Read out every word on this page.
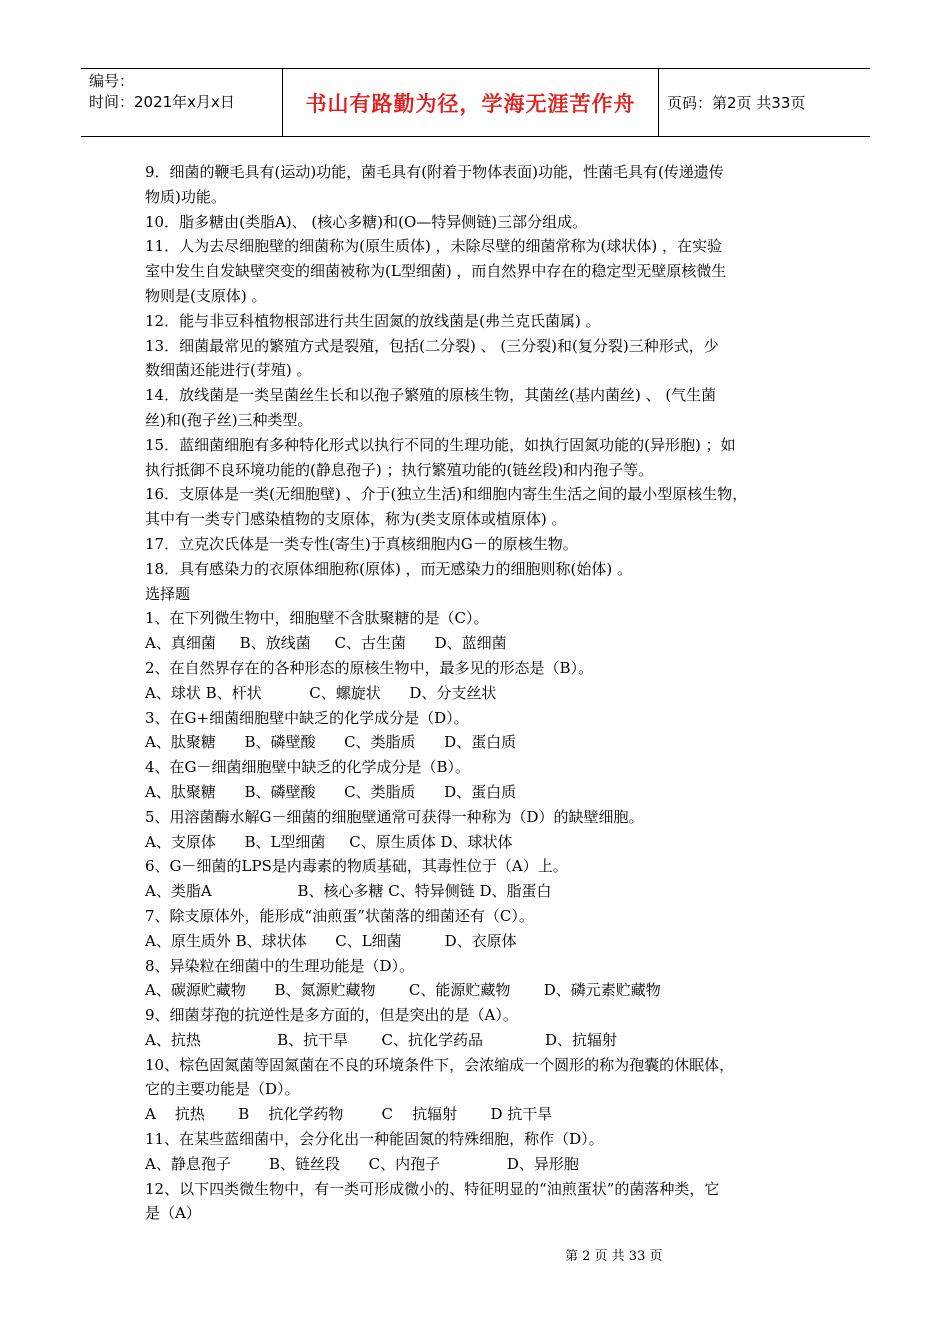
编号：
时间：2021年x月x日	书山有路勤为径，学海无涯苦作舟	页码：第2页 共33页
9．细菌的鞭毛具有(运动)功能，菌毛具有(附着于物体表面)功能，性菌毛具有(传递遗传
物质)功能。
10．脂多糖由(类脂A)、 (核心多糖)和(O—特异侧链)三部分组成。
11．人为去尽细胞壁的细菌称为(原生质体) ，未除尽壁的细菌常称为(球状体) ，在实验
室中发生自发缺壁突变的细菌被称为(L型细菌) ，而自然界中存在的稳定型无壁原核微生
物则是(支原体) 。
12．能与非豆科植物根部进行共生固氮的放线菌是(弗兰克氏菌属) 。
13．细菌最常见的繁殖方式是裂殖，包括(二分裂) 、 (三分裂)和(复分裂)三种形式，少
数细菌还能进行(芽殖) 。
14．放线菌是一类呈菌丝生长和以孢子繁殖的原核生物，其菌丝(基内菌丝) 、 (气生菌
丝)和(孢子丝)三种类型。
15．蓝细菌细胞有多种特化形式以执行不同的生理功能，如执行固氮功能的(异形胞) ；如
执行抵御不良环境功能的(静息孢子) ；执行繁殖功能的(链丝段)和内孢子等。
16．支原体是一类(无细胞壁) 、介于(独立生活)和细胞内寄生生活之间的最小型原核生物，
其中有一类专门感染植物的支原体，称为(类支原体或植原体) 。
17．立克次氏体是一类专性(寄生)于真核细胞内G－的原核生物。
18．具有感染力的衣原体细胞称(原体) ，而无感染力的细胞则称(始体) 。
选择题
1、在下列微生物中，细胞壁不含肽聚糖的是（C）。
A、真细菌     B、放线菌     C、古生菌      D、蓝细菌
2、在自然界存在的各种形态的原核生物中，最多见的形态是（B）。
A、球状 B、杆状          C、螺旋状      D、分支丝状
3、在G+细菌细胞壁中缺乏的化学成分是（D）。
A、肽聚糖      B、磷壁酸      C、类脂质      D、蛋白质
4、在G－细菌细胞壁中缺乏的化学成分是（B）。
A、肽聚糖      B、磷壁酸      C、类脂质      D、蛋白质
5、用溶菌酶水解G－细菌的细胞壁通常可获得一种称为（D）的缺壁细胞。
A、支原体      B、L型细菌     C、原生质体 D、球状体
6、G－细菌的LPS是内毒素的物质基础，其毒性位于（A）上。
A、类脂A                  B、核心多糖 C、特异侧链 D、脂蛋白
7、除支原体外，能形成“油煎蛋”状菌落的细菌还有（C）。
A、原生质外 B、球状体      C、L细菌         D、衣原体
8、异染粒在细菌中的生理功能是（D）。
A、碳源贮藏物      B、氮源贮藏物       C、能源贮藏物       D、磷元素贮藏物
9、细菌芽孢的抗逆性是多方面的，但是突出的是（A）。
A、抗热                B、抗干旱       C、抗化学药品             D、抗辐射
10、棕色固氮菌等固氮菌在不良的环境条件下，会浓缩成一个圆形的称为孢囊的休眠体，
它的主要功能是（D）。
A    抗热       B    抗化学药物        C    抗辐射       D 抗干旱
11、在某些蓝细菌中，会分化出一种能固氮的特殊细胞，称作（D）。
A、静息孢子        B、链丝段      C、内孢子              D、异形胞
12、以下四类微生物中，有一类可形成微小的、特征明显的“油煎蛋状”的菌落种类，它
是（A）
第 2 页 共 33 页
